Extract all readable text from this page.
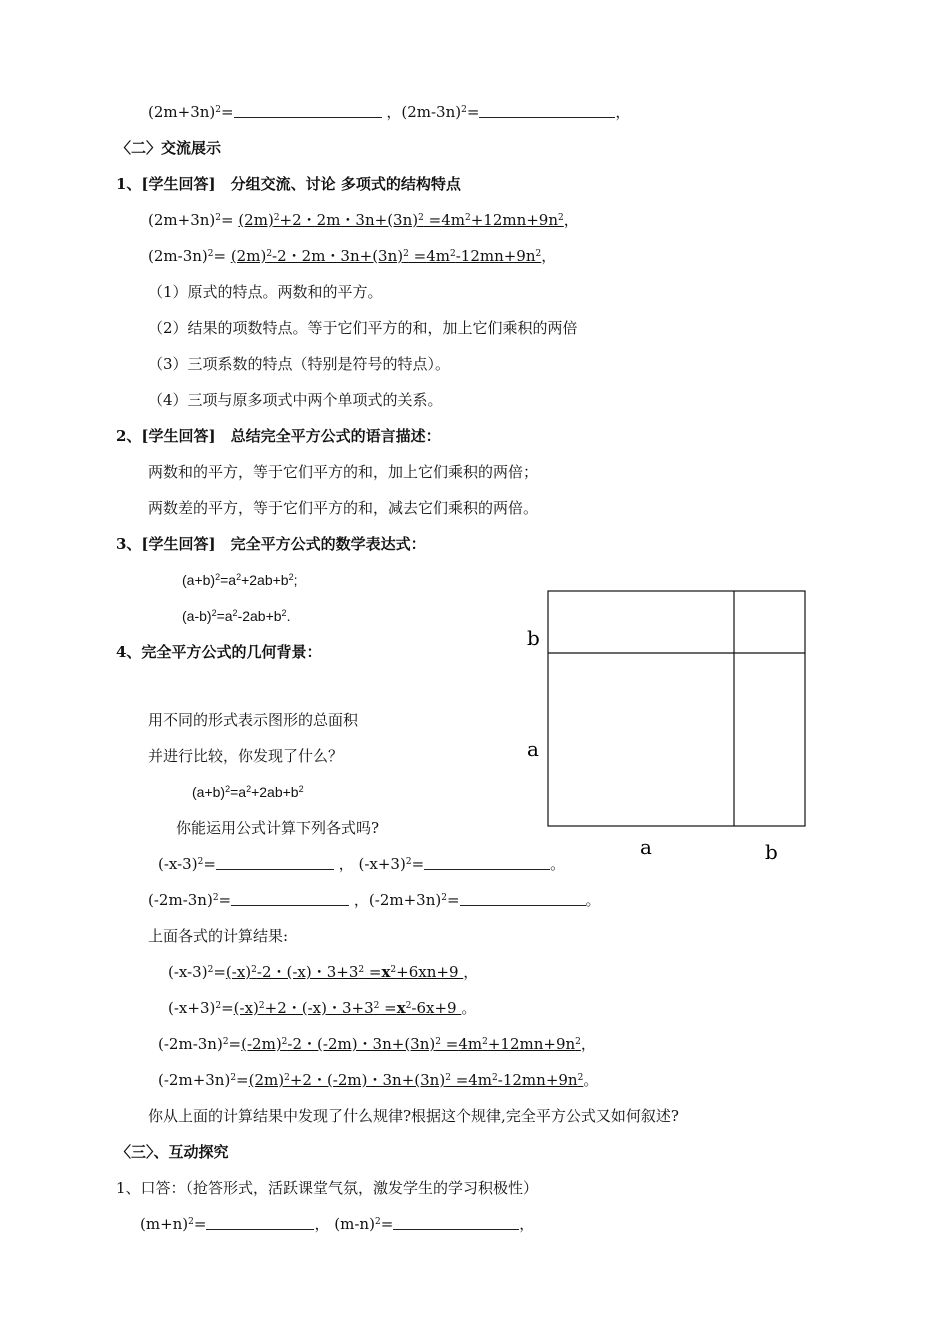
$(2m+3n)^2=$	，$(2m-3n)^2=$	，
〈二〉交流展示
1、[学生回答]　分组交流、讨论 多项式的结构特点
$(2m+3n)^2= (2m)^2+2$・2m・$3n+(3n)^2 =4m^2+12mn+9n^2$，
$(2m-3n)^2= (2m)^2-2$・2m・$3n+(3n)^2 =4m^2-12mn+9n^2$，
（1）原式的特点。两数和的平方。
（2）结果的项数特点。等于它们平方的和，加上它们乘积的两倍
（3）三项系数的特点（特别是符号的特点）。
（4）三项与原多项式中两个单项式的关系。
2、[学生回答]　总结完全平方公式的语言描述：
两数和的平方，等于它们平方的和，加上它们乘积的两倍；
两数差的平方，等于它们平方的和，减去它们乘积的两倍。
3、[学生回答]　完全平方公式的数学表达式：
$(a+b)^2=a^2+2ab+b^2$;
$(a-b)^2=a^2-2ab+b^2$.
4、完全平方公式的几何背景：
b
a
a	b
用不同的形式表示图形的总面积
并进行比较，你发现了什么？
$(a+b)^2=a^2+2ab+b^2$
你能运用公式计算下列各式吗?
$(-x-3)^2=$	， $(-x+3)^2=$	。
$(-2m-3n)^2=$	，$(-2m+3n)^2=$	。
上面各式的计算结果:
$(-x-3)^2=(-x)^2-2$・(-x)・$3+3^2 =x^2+6xn+9$ ，
$(-x+3)^2=(-x)^2+2$・(-x)・$3+3^2 =x^2-6x+9$ 。
$(-2m-3n)^2=(-2m)^2-2$・(-2m)・$3n+(3n)^2 =4m^2+12mn+9n^2$，
$(-2m+3n)^2=(2m)^2+2$・(-2m)・$3n+(3n)^2 =4m^2-12mn+9n^2$。
你从上面的计算结果中发现了什么规律?根据这个规律,完全平方公式又如何叙述?
〈三〉、互动探究
1、口答：（抢答形式，活跃课堂气氛，激发学生的学习积极性）
$(m+n)^2=$	， $(m-n)^2=$	，
